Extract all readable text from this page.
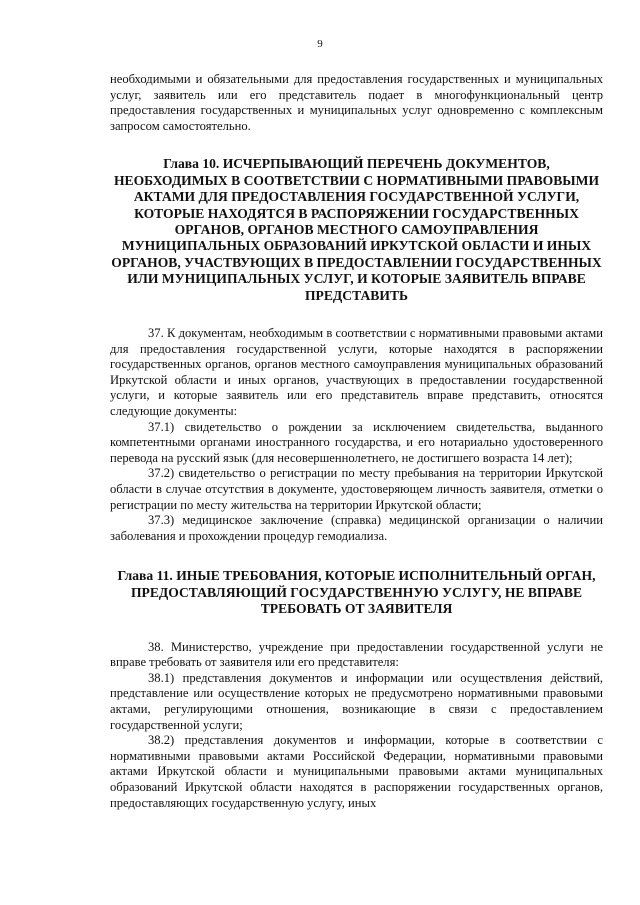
9

необходимыми и обязательными для предоставления государственных и муниципальных услуг, заявитель или его представитель подает в многофункциональный центр предоставления государственных и муниципальных услуг одновременно с комплексным запросом самостоятельно.

Глава 10. ИСЧЕРПЫВАЮЩИЙ ПЕРЕЧЕНЬ ДОКУМЕНТОВ, НЕОБХОДИМЫХ В СООТВЕТСТВИИ С НОРМАТИВНЫМИ ПРАВОВЫМИ АКТАМИ ДЛЯ ПРЕДОСТАВЛЕНИЯ ГОСУДАРСТВЕННОЙ УСЛУГИ, КОТОРЫЕ НАХОДЯТСЯ В РАСПОРЯЖЕНИИ ГОСУДАРСТВЕННЫХ ОРГАНОВ, ОРГАНОВ МЕСТНОГО САМОУПРАВЛЕНИЯ МУНИЦИПАЛЬНЫХ ОБРАЗОВАНИЙ ИРКУТСКОЙ ОБЛАСТИ И ИНЫХ ОРГАНОВ, УЧАСТВУЮЩИХ В ПРЕДОСТАВЛЕНИИ ГОСУДАРСТВЕННЫХ ИЛИ МУНИЦИПАЛЬНЫХ УСЛУГ, И КОТОРЫЕ ЗАЯВИТЕЛЬ ВПРАВЕ ПРЕДСТАВИТЬ

37. К документам, необходимым в соответствии с нормативными правовыми актами для предоставления государственной услуги, которые находятся в распоряжении государственных органов, органов местного самоуправления муниципальных образований Иркутской области и иных органов, участвующих в предоставлении государственной услуги, и которые заявитель или его представитель вправе представить, относятся следующие документы:

37.1) свидетельство о рождении за исключением свидетельства, выданного компетентными органами иностранного государства, и его нотариально удостоверенного перевода на русский язык (для несовершеннолетнего, не достигшего возраста 14 лет);

37.2) свидетельство о регистрации по месту пребывания на территории Иркутской области в случае отсутствия в документе, удостоверяющем личность заявителя, отметки о регистрации по месту жительства на территории Иркутской области;

37.3) медицинское заключение (справка) медицинской организации о наличии заболевания и прохождении процедур гемодиализа.

Глава 11. ИНЫЕ ТРЕБОВАНИЯ, КОТОРЫЕ ИСПОЛНИТЕЛЬНЫЙ ОРГАН, ПРЕДОСТАВЛЯЮЩИЙ ГОСУДАРСТВЕННУЮ УСЛУГУ, НЕ ВПРАВЕ ТРЕБОВАТЬ ОТ ЗАЯВИТЕЛЯ

38. Министерство, учреждение при предоставлении государственной услуги не вправе требовать от заявителя или его представителя:

38.1) представления документов и информации или осуществления действий, представление или осуществление которых не предусмотрено нормативными правовыми актами, регулирующими отношения, возникающие в связи с предоставлением государственной услуги;

38.2) представления документов и информации, которые в соответствии с нормативными правовыми актами Российской Федерации, нормативными правовыми актами Иркутской области и муниципальными правовыми актами муниципальных образований Иркутской области находятся в распоряжении государственных органов, предоставляющих государственную услугу, иных
